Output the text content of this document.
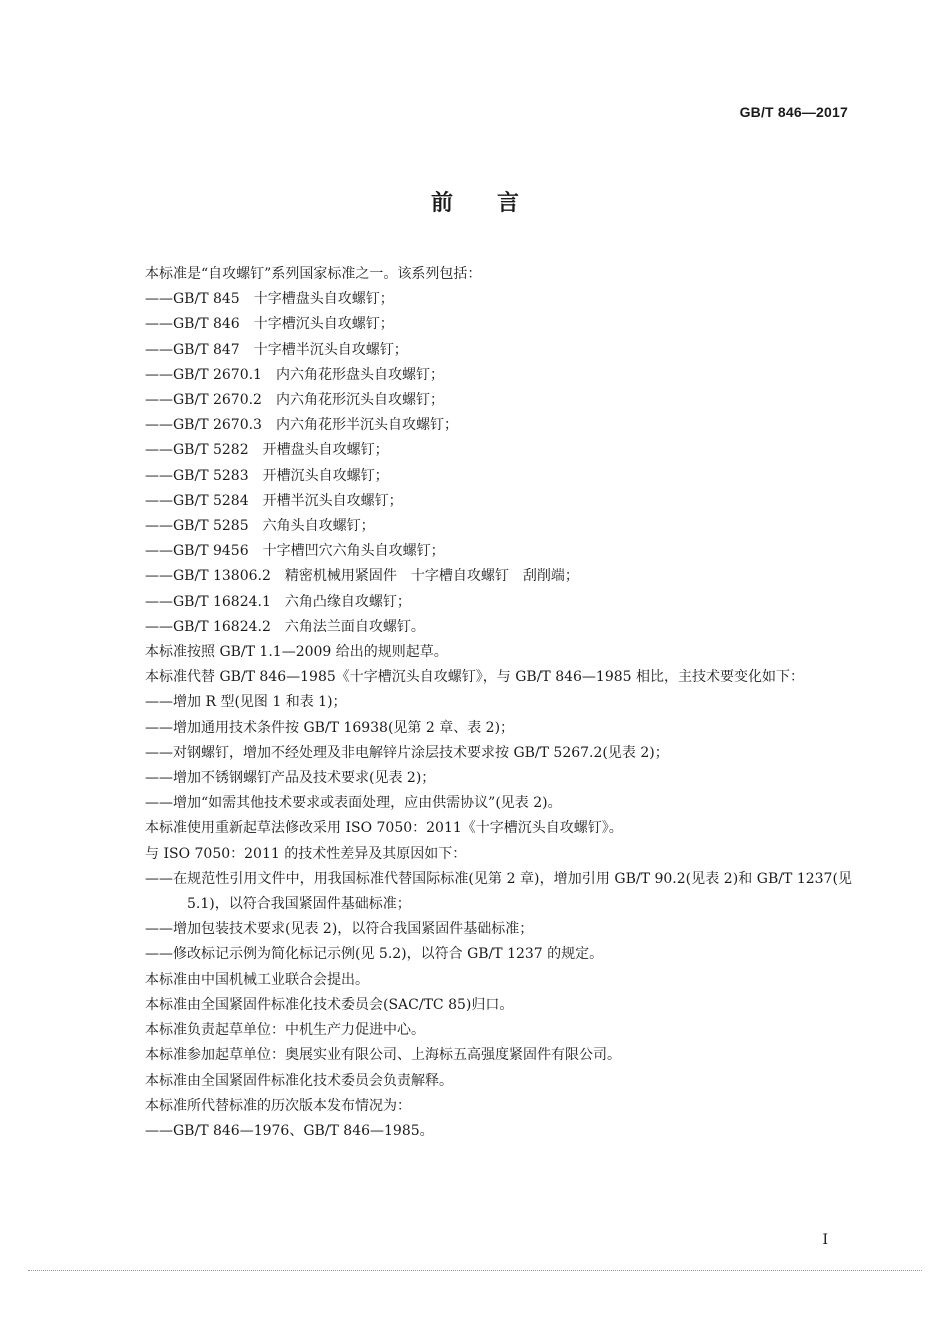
GB/T 846—2017
前言

本标准是“自攻螺钉”系列国家标准之一。该系列包括：

——GB/T 845 十字槽盘头自攻螺钉；

——GB/T 846 十字槽沉头自攻螺钉；

——GB/T 847 十字槽半沉头自攻螺钉；

——GB/T 2670.1 内六角花形盘头自攻螺钉；

——GB/T 2670.2 内六角花形沉头自攻螺钉；

——GB/T 2670.3 内六角花形半沉头自攻螺钉；

——GB/T 5282 开槽盘头自攻螺钉；

——GB/T 5283 开槽沉头自攻螺钉；

——GB/T 5284 开槽半沉头自攻螺钉；

——GB/T 5285 六角头自攻螺钉；

——GB/T 9456 十字槽凹穴六角头自攻螺钉；

——GB/T 13806.2 精密机械用紧固件　十字槽自攻螺钉　刮削端；

——GB/T 16824.1 六角凸缘自攻螺钉；

——GB/T 16824.2 六角法兰面自攻螺钉。

本标准按照 GB/T 1.1—2009 给出的规则起草。

本标准代替 GB/T 846—1985《十字槽沉头自攻螺钉》，与 GB/T 846—1985 相比，主技术要变化如下：

——增加 R 型(见图 1 和表 1)；

——增加通用技术条件按 GB/T 16938(见第 2 章、表 2)；

——对钢螺钉，增加不经处理及非电解锌片涂层技术要求按 GB/T 5267.2(见表 2)；

——增加不锈钢螺钉产品及技术要求(见表 2)；

——增加“如需其他技术要求或表面处理，应由供需协议”(见表 2)。

本标准使用重新起草法修改采用 ISO 7050：2011《十字槽沉头自攻螺钉》。

与 ISO 7050：2011 的技术性差异及其原因如下：

——在规范性引用文件中，用我国标准代替国际标准(见第 2 章)，增加引用 GB/T 90.2(见表 2)和 GB/T 1237(见 5.1)，以符合我国紧固件基础标准；

——增加包装技术要求(见表 2)，以符合我国紧固件基础标准；

——修改标记示例为简化标记示例(见 5.2)，以符合 GB/T 1237 的规定。

本标准由中国机械工业联合会提出。

本标准由全国紧固件标准化技术委员会(SAC/TC 85)归口。

本标准负责起草单位：中机生产力促进中心。

本标准参加起草单位：奥展实业有限公司、上海标五高强度紧固件有限公司。

本标准由全国紧固件标准化技术委员会负责解释。

本标准所代替标准的历次版本发布情况为：

——GB/T 846—1976、GB/T 846—1985。

I
